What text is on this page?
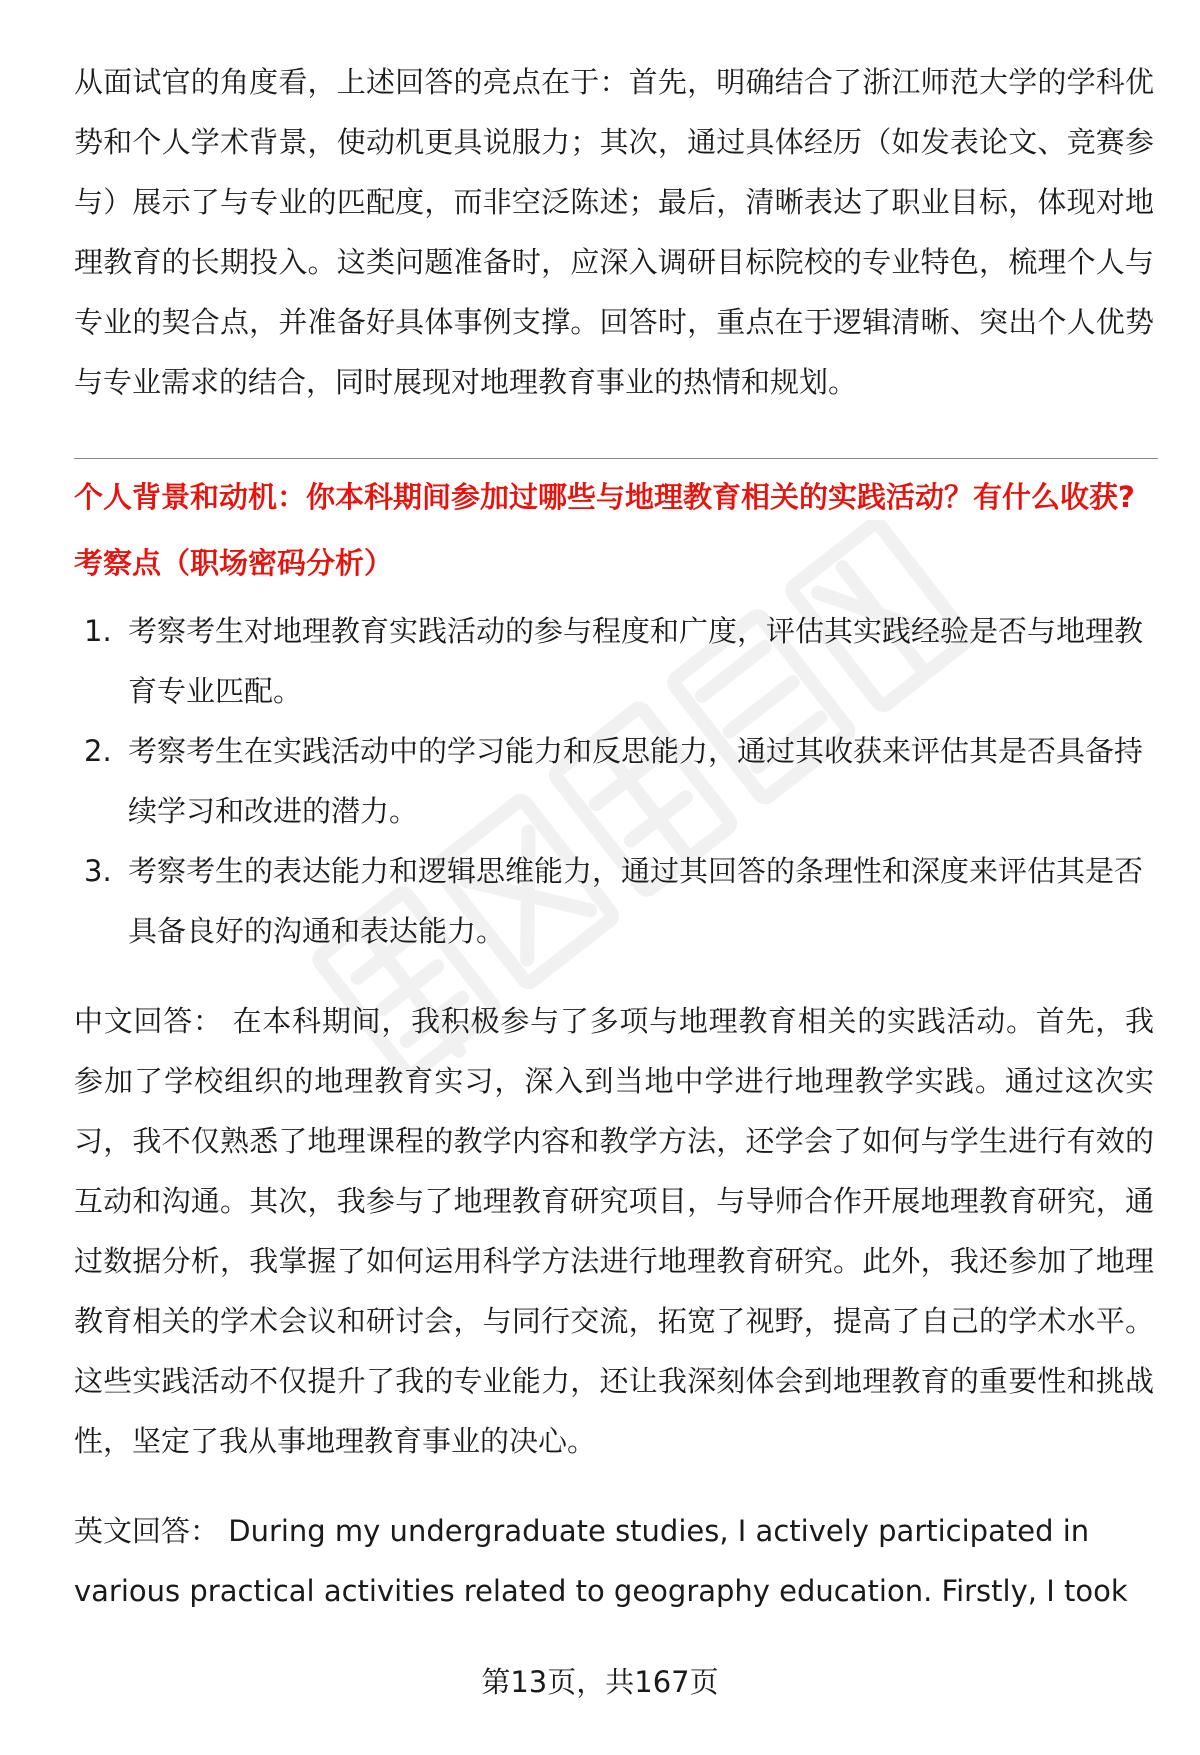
从面试官的角度看，上述回答的亮点在于：首先，明确结合了浙江师范大学的学科优势和个人学术背景，使动机更具说服力；其次，通过具体经历（如发表论文、竞赛参与）展示了与专业的匹配度，而非空泛陈述；最后，清晰表达了职业目标，体现对地理教育的长期投入。这类问题准备时，应深入调研目标院校的专业特色，梳理个人与专业的契合点，并准备好具体事例支撑。回答时，重点在于逻辑清晰、突出个人优势与专业需求的结合，同时展现对地理教育事业的热情和规划。

个人背景和动机：你本科期间参加过哪些与地理教育相关的实践活动？有什么收获?

考察点（职场密码分析）

1. 考察考生对地理教育实践活动的参与程度和广度，评估其实践经验是否与地理教育专业匹配。
2. 考察考生在实践活动中的学习能力和反思能力，通过其收获来评估其是否具备持续学习和改进的潜力。
3. 考察考生的表达能力和逻辑思维能力，通过其回答的条理性和深度来评估其是否具备良好的沟通和表达能力。

中文回答： 在本科期间，我积极参与了多项与地理教育相关的实践活动。首先，我参加了学校组织的地理教育实习，深入到当地中学进行地理教学实践。通过这次实习，我不仅熟悉了地理课程的教学内容和教学方法，还学会了如何与学生进行有效的互动和沟通。其次，我参与了地理教育研究项目，与导师合作开展地理教育研究，通过数据分析，我掌握了如何运用科学方法进行地理教育研究。此外，我还参加了地理教育相关的学术会议和研讨会，与同行交流，拓宽了视野，提高了自己的学术水平。这些实践活动不仅提升了我的专业能力，还让我深刻体会到地理教育的重要性和挑战性，坚定了我从事地理教育事业的决心。

英文回答： During my undergraduate studies, I actively participated in various practical activities related to geography education. Firstly, I took

第13页，共167页
